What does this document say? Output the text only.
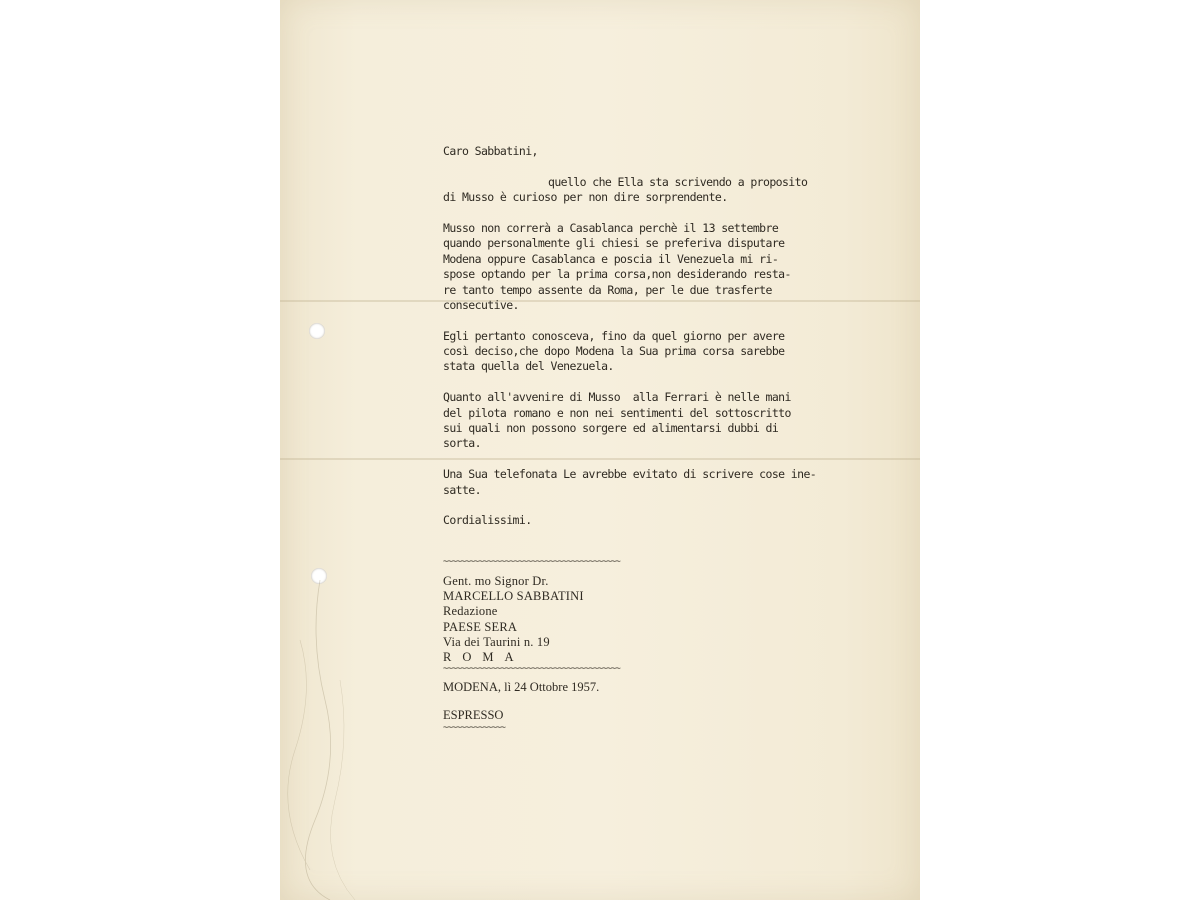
Caro Sabbatini,
quello che Ella sta scrivendo a proposito
di Musso è curioso per non dire sorprendente.
Musso non correrà a Casablanca perchè il 13 settembre
quando personalmente gli chiesi se preferiva disputare
Modena oppure Casablanca e poscia il Venezuela mi ri-
spose optando per la prima corsa,non desiderando resta-
re tanto tempo assente da Roma, per le due trasferte
consecutive.
Egli pertanto conosceva, fino da quel giorno per avere
così deciso,che dopo Modena la Sua prima corsa sarebbe
stata quella del Venezuela.
Quanto all'avvenire di Musso  alla Ferrari è nelle mani
del pilota romano e non nei sentimenti del sottoscritto
sui quali non possono sorgere ed alimentarsi dubbi di
sorta.
Una Sua telefonata Le avrebbe evitato di scrivere cose ine-
satte.
Cordialissimi.
~~~~~~~~~~~~~~~~~~~~~~~~~~~~~~~~~~~~~~~~
Gent. mo Signor Dr.
MARCELLO SABBATINI
Redazione
PAESE SERA
Via dei Taurini n. 19
ROMA
~~~~~~~~~~~~~~~~~~~~~~~~~~~~~~~~~~~~~~~~
MODENA, lì 24 Ottobre 1957.
ESPRESSO
~~~~~~~~~~~~~~
